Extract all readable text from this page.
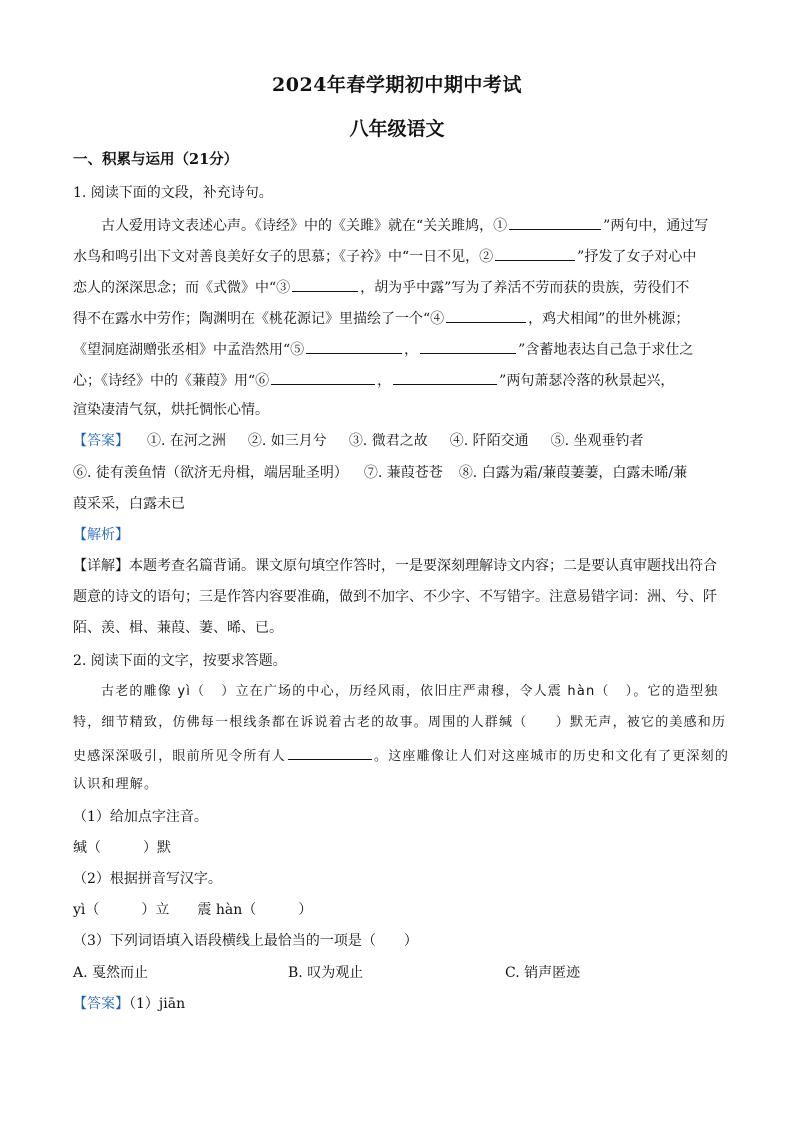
2024年春学期初中期中考试
八年级语文
一、积累与运用（21分）
1. 阅读下面的文段，补充诗句。
古人爱用诗文表述心声。《诗经》中的《关雎》就在“关关雎鸠，①	”两句中，通过写
水鸟和鸣引出下文对善良美好女子的思慕；《子衿》中“一日不见，②	”抒发了女子对心中
恋人的深深思念；而《式微》中“③	，胡为乎中露”写为了养活不劳而获的贵族，劳役们不
得不在露水中劳作；陶渊明在《桃花源记》里描绘了一个“④	，鸡犬相闻”的世外桃源；
《望洞庭湖赠张丞相》中孟浩然用“⑤	，	”含蓄地表达自己急于求仕之
心；《诗经》中的《蒹葭》用“⑥	，	”两句萧瑟冷落的秋景起兴，
渲染凄清气氛，烘托惆怅心情。
【答案】 ①. 在河之洲 ②. 如三月兮 ③. 微君之故 ④. 阡陌交通 ⑤. 坐观垂钓者
⑥. 徒有羡鱼情（欲济无舟楫，端居耻圣明） ⑦. 蒹葭苍苍 ⑧. 白露为霜/蒹葭萋萋，白露未晞/蒹
葭采采，白露未已
【解析】
【详解】本题考查名篇背诵。课文原句填空作答时，一是要深刻理解诗文内容；二是要认真审题找出符合
题意的诗文的语句；三是作答内容要准确，做到不加字、不少字、不写错字。注意易错字词：洲、兮、阡
陌、羡、楫、蒹葭、萋、晞、已。
2. 阅读下面的文字，按要求答题。
古老的雕像 yì（ ）立在广场的中心，历经风雨，依旧庄严肃穆，令人震 hàn（ ）。它的造型独
特，细节精致，仿佛每一根线条都在诉说着古老的故事。周围的人群缄（　　）默无声，被它的美感和历
史感深深吸引，眼前所见令所有人	。这座雕像让人们对这座城市的历史和文化有了更深刻的
认识和理解。
（1）给加点字注音。
缄（　　　）默
（2）根据拼音写汉字。
yì（　　　）立　　震 hàn（　　　）
（3）下列词语填入语段横线上最恰当的一项是（　　）
A. 戛然而止	B. 叹为观止	C. 销声匿迹
【答案】（1）jiān
